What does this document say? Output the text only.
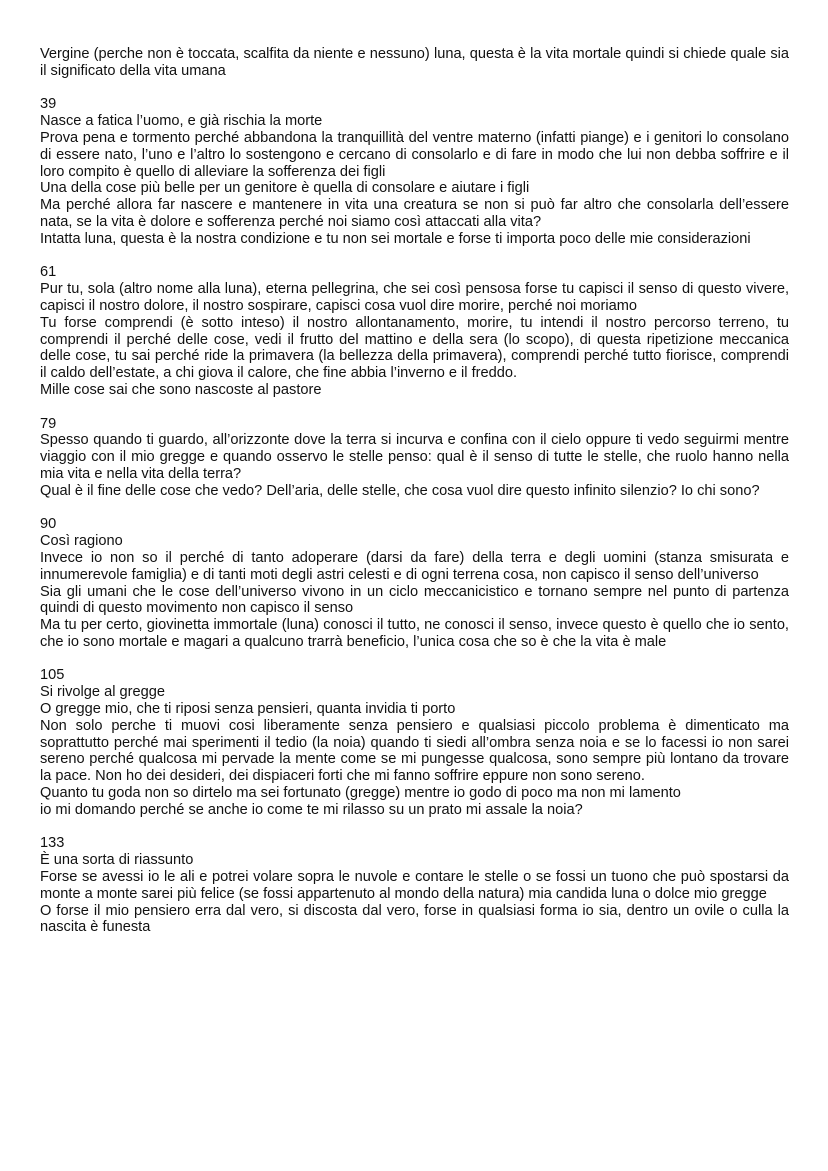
Vergine (perche non è toccata, scalfita da niente e nessuno) luna, questa è la vita mortale quindi si chiede quale sia il significato della vita umana
39
Nasce a fatica l’uomo, e già rischia la morte
Prova pena e tormento perché abbandona la tranquillità del ventre materno (infatti piange) e i genitori lo consolano di essere nato, l’uno e l’altro lo sostengono e cercano di consolarlo e di fare in modo che lui non debba soffrire e il loro compito è quello di alleviare la sofferenza dei figli
Una della cose più belle per un genitore è quella di consolare e aiutare i figli
Ma perché allora far nascere e mantenere in vita una creatura se non si può far altro che consolarla dell’essere nata, se la vita è dolore e sofferenza perché noi siamo così attaccati alla vita?
Intatta luna, questa è la nostra condizione e tu non sei mortale e forse ti importa poco delle mie considerazioni
61
Pur tu, sola (altro nome alla luna), eterna pellegrina, che sei così pensosa forse tu capisci il senso di questo vivere, capisci il nostro dolore, il nostro sospirare, capisci cosa vuol dire morire, perché noi moriamo
Tu forse comprendi (è sotto inteso) il nostro allontanamento, morire, tu intendi il nostro percorso terreno, tu comprendi il perché delle cose, vedi il frutto del mattino e della sera (lo scopo), di questa ripetizione meccanica delle cose, tu sai perché ride la primavera (la bellezza della primavera), comprendi perché tutto fiorisce, comprendi il caldo dell’estate, a chi giova il calore, che fine abbia l’inverno e il freddo.
Mille cose sai che sono nascoste al pastore
79
Spesso quando ti guardo, all’orizzonte dove la terra si incurva e confina con il cielo oppure ti vedo seguirmi mentre viaggio con il mio gregge e quando osservo le stelle penso: qual è il senso di tutte le stelle, che ruolo hanno nella mia vita e nella vita della terra?
Qual è il fine delle cose che vedo? Dell’aria, delle stelle, che cosa vuol dire questo infinito silenzio? Io chi sono?
90
Così ragiono
Invece io non so il perché di tanto adoperare (darsi da fare) della terra e degli uomini (stanza smisurata e innumerevole famiglia) e di tanti moti degli astri celesti e di ogni terrena cosa, non capisco il senso dell’universo
Sia gli umani che le cose dell’universo vivono in un ciclo meccanicistico e tornano sempre nel punto di partenza quindi di questo movimento non capisco il senso
Ma tu per certo, giovinetta immortale (luna) conosci il tutto, ne conosci il senso, invece questo è quello che io sento, che io sono mortale e magari a qualcuno trarrà beneficio, l’unica cosa che so è che la vita è male
105
Si rivolge al gregge
O gregge mio, che ti riposi senza pensieri, quanta invidia ti porto
Non solo perche ti muovi cosi liberamente senza pensiero e qualsiasi piccolo problema è dimenticato ma soprattutto perché mai sperimenti il tedio (la noia) quando ti siedi all’ombra senza noia e se lo facessi io non sarei sereno perché qualcosa mi pervade la mente come se mi pungesse qualcosa, sono sempre più lontano da trovare la pace. Non ho dei desideri, dei dispiaceri forti che mi fanno soffrire eppure non sono sereno.
Quanto tu goda non so dirtelo ma sei fortunato (gregge) mentre io godo di poco ma non mi lamento
io mi domando perché se anche io come te mi rilasso su un prato mi assale la noia?
133
È una sorta di riassunto
Forse se avessi io le ali e potrei volare sopra le nuvole e contare le stelle o se fossi un tuono che può spostarsi da monte a monte sarei più felice (se fossi appartenuto al mondo della natura) mia candida luna o dolce mio gregge
O forse il mio pensiero erra dal vero, si discosta dal vero, forse in qualsiasi forma io sia, dentro un ovile o culla la nascita è funesta
